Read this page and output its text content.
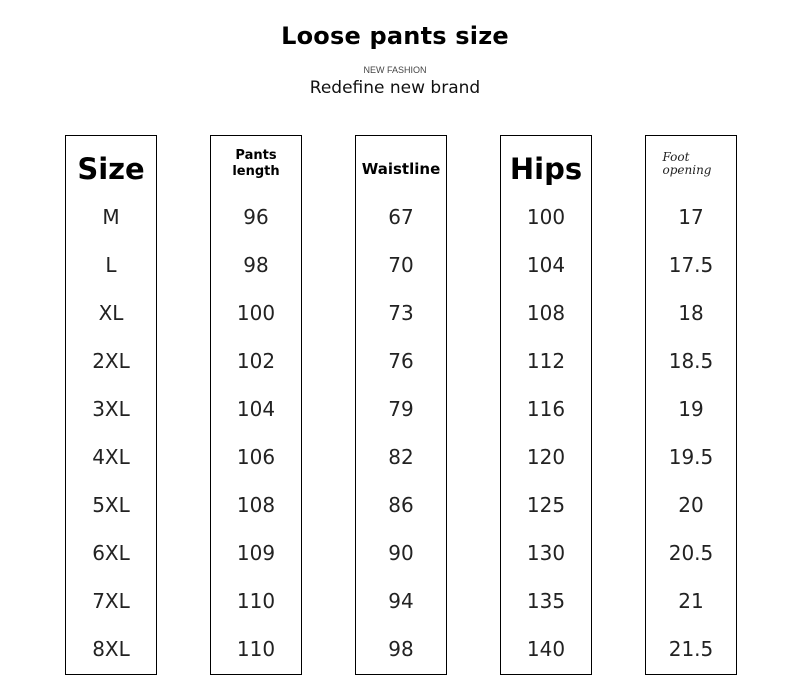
Loose pants size
NEW FASHION
Redefine new brand
Size
M
L
XL
2XL
3XL
4XL
5XL
6XL
7XL
8XL
Pants
length
96
98
100
102
104
106
108
109
110
110
Waistline
67
70
73
76
79
82
86
90
94
98
Hips
100
104
108
112
116
120
125
130
135
140
Foot
opening
17
17.5
18
18.5
19
19.5
20
20.5
21
21.5
